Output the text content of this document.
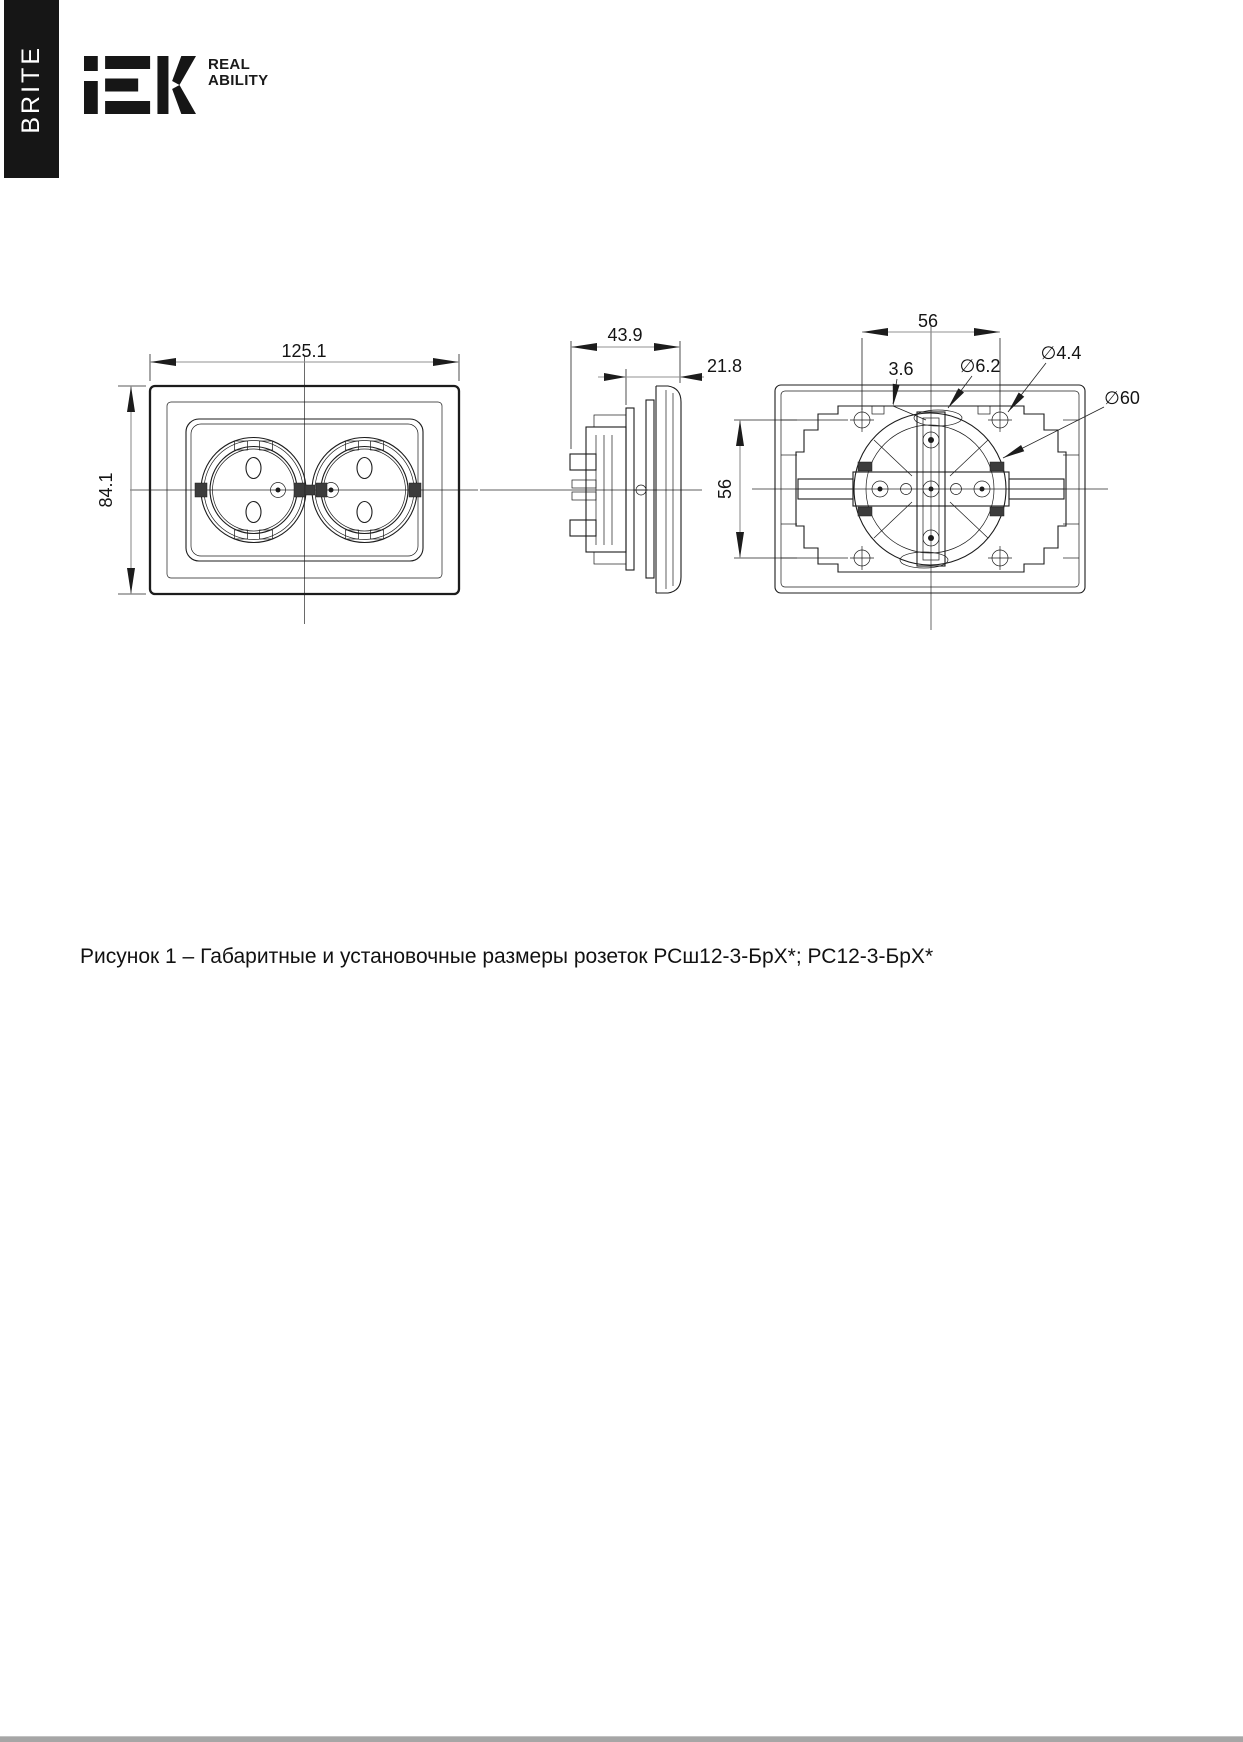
BRITE	REAL
ABILITY
125.1
84.1
43.9
21.8
56
56
3.6	∅6.2
∅4.4
∅60
Рисунок 1 – Габаритные и установочные размеры розеток РСш12-3-БрХ*; РС12-3-БрХ*
